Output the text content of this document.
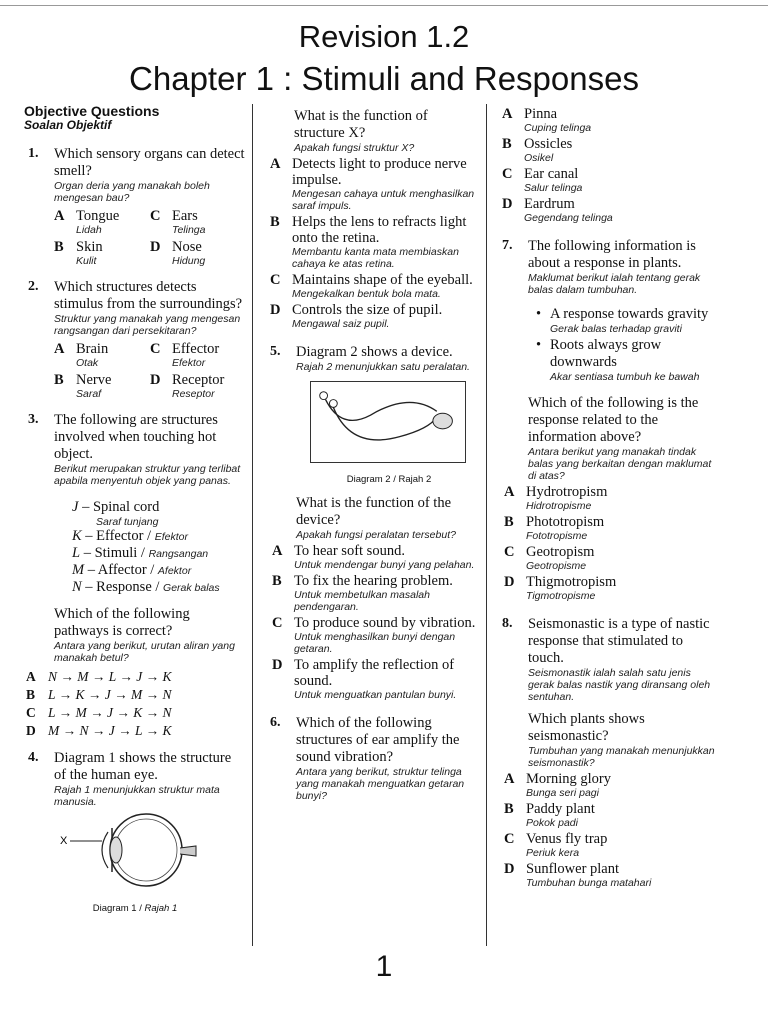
Revision 1.2
Chapter 1 : Stimuli and Responses
Objective Questions
Soalan Objektif
1. Which sensory organs can detect smell?
Organ deria yang manakah boleh mengesan bau?
A Tongue
Lidah
C Ears
Telinga
B Skin
Kulit
D Nose
Hidung
2. Which structures detects stimulus from the surroundings?
Struktur yang manakah yang mengesan rangsangan dari persekitaran?
A Brain
Otak
C Effector
Efektor
B Nerve
Saraf
D Receptor
Reseptor
3. The following are structures involved when touching hot object.
Berikut merupakan struktur yang terlibat apabila menyentuh objek yang panas.
J – Spinal cord
Saraf tunjang
K – Effector / Efektor
L – Stimuli / Rangsangan
M – Affector / Afektor
N – Response / Gerak balas
Which of the following pathways is correct?
Antara yang berikut, urutan aliran yang manakah betul?
A N → M → L → J → K
B L → K → J → M → N
C L → M → J → K → N
D M → N → J → L → K
4. Diagram 1 shows the structure of the human eye.
Rajah 1 menunjukkan struktur mata manusia.
X
Diagram 1 / Rajah 1
What is the function of structure X?
Apakah fungsi struktur X?
A Detects light to produce nerve impulse.
Mengesan cahaya untuk menghasilkan saraf impuls.
B Helps the lens to refracts light onto the retina.
Membantu kanta mata membiaskan cahaya ke atas retina.
C Maintains shape of the eyeball.
Mengekalkan bentuk bola mata.
D Controls the size of pupil.
Mengawal saiz pupil.
5. Diagram 2 shows a device.
Rajah 2 menunjukkan satu peralatan.
Diagram 2 / Rajah 2
What is the function of the device?
Apakah fungsi peralatan tersebut?
A To hear soft sound.
Untuk mendengar bunyi yang pelahan.
B To fix the hearing problem.
Untuk membetulkan masalah pendengaran.
C To produce sound by vibration.
Untuk menghasilkan bunyi dengan getaran.
D To amplify the reflection of sound.
Untuk menguatkan pantulan bunyi.
6. Which of the following structures of ear amplify the sound vibration?
Antara yang berikut, struktur telinga yang manakah menguatkan getaran bunyi?
A Pinna
Cuping telinga
B Ossicles
Osikel
C Ear canal
Salur telinga
D Eardrum
Gegendang telinga
7. The following information is about a response in plants.
Maklumat berikut ialah tentang gerak balas dalam tumbuhan.
• A response towards gravity
Gerak balas terhadap graviti
• Roots always grow downwards
Akar sentiasa tumbuh ke bawah
Which of the following is the response related to the information above?
Antara berikut yang manakah tindak balas yang berkaitan dengan maklumat di atas?
A Hydrotropism
Hidrotropisme
B Phototropism
Fototropisme
C Geotropism
Geotropisme
D Thigmotropism
Tigmotropisme
8. Seismonastic is a type of nastic response that stimulated to touch.
Seismonastik ialah salah satu jenis gerak balas nastik yang diransang oleh sentuhan.
Which plants shows seismonastic?
Tumbuhan yang manakah menunjukkan seismonastik?
A Morning glory
Bunga seri pagi
B Paddy plant
Pokok padi
C Venus fly trap
Periuk kera
D Sunflower plant
Tumbuhan bunga matahari
1
